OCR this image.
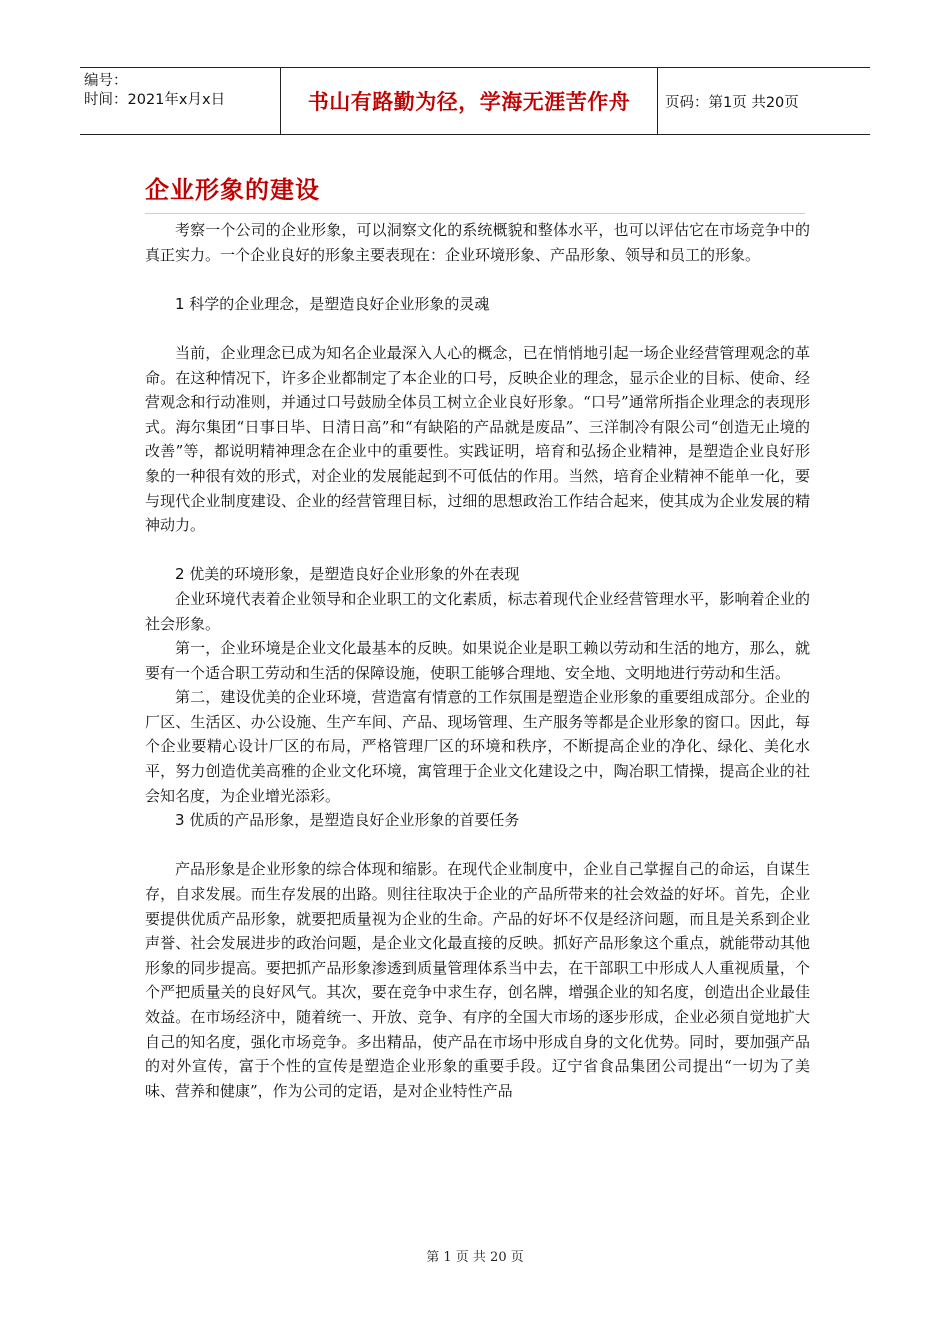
编号：
时间：2021年x月x日	书山有路勤为径，学海无涯苦作舟 页码：第1页 共20页
企业形象的建设

考察一个公司的企业形象，可以洞察文化的系统概貌和整体水平，也可以评估它在市场竞争中的真正实力。一个企业良好的形象主要表现在：企业环境形象、产品形象、领导和员工的形象。

1 科学的企业理念，是塑造良好企业形象的灵魂

当前，企业理念已成为知名企业最深入人心的概念，已在悄悄地引起一场企业经营管理观念的革命。在这种情况下，许多企业都制定了本企业的口号，反映企业的理念，显示企业的目标、使命、经营观念和行动准则，并通过口号鼓励全体员工树立企业良好形象。“口号”通常所指企业理念的表现形式。海尔集团“日事日毕、日清日高”和“有缺陷的产品就是废品”、三洋制冷有限公司“创造无止境的改善”等，都说明精神理念在企业中的重要性。实践证明，培育和弘扬企业精神，是塑造企业良好形象的一种很有效的形式，对企业的发展能起到不可低估的作用。当然，培育企业精神不能单一化，要与现代企业制度建设、企业的经营管理目标，过细的思想政治工作结合起来，使其成为企业发展的精神动力。

2 优美的环境形象，是塑造良好企业形象的外在表现

企业环境代表着企业领导和企业职工的文化素质，标志着现代企业经营管理水平，影响着企业的社会形象。

第一，企业环境是企业文化最基本的反映。如果说企业是职工赖以劳动和生活的地方，那么，就要有一个适合职工劳动和生活的保障设施，使职工能够合理地、安全地、文明地进行劳动和生活。

第二，建设优美的企业环境，营造富有情意的工作氛围是塑造企业形象的重要组成部分。企业的厂区、生活区、办公设施、生产车间、产品、现场管理、生产服务等都是企业形象的窗口。因此，每个企业要精心设计厂区的布局，严格管理厂区的环境和秩序，不断提高企业的净化、绿化、美化水平，努力创造优美高雅的企业文化环境，寓管理于企业文化建设之中，陶冶职工情操，提高企业的社会知名度，为企业增光添彩。

3 优质的产品形象，是塑造良好企业形象的首要任务

产品形象是企业形象的综合体现和缩影。在现代企业制度中，企业自己掌握自己的命运，自谋生存，自求发展。而生存发展的出路。则往往取决于企业的产品所带来的社会效益的好坏。首先，企业要提供优质产品形象，就要把质量视为企业的生命。产品的好坏不仅是经济问题，而且是关系到企业声誉、社会发展进步的政治问题，是企业文化最直接的反映。抓好产品形象这个重点，就能带动其他形象的同步提高。要把抓产品形象渗透到质量管理体系当中去，在干部职工中形成人人重视质量，个个严把质量关的良好风气。其次，要在竞争中求生存，创名牌，增强企业的知名度，创造出企业最佳效益。在市场经济中，随着统一、开放、竞争、有序的全国大市场的逐步形成，企业必须自觉地扩大自己的知名度，强化市场竞争。多出精品，使产品在市场中形成自身的文化优势。同时，要加强产品的对外宣传，富于个性的宣传是塑造企业形象的重要手段。辽宁省食品集团公司提出“一切为了美味、营养和健康”，作为公司的定语，是对企业特性产品

第 1 页 共 20 页
